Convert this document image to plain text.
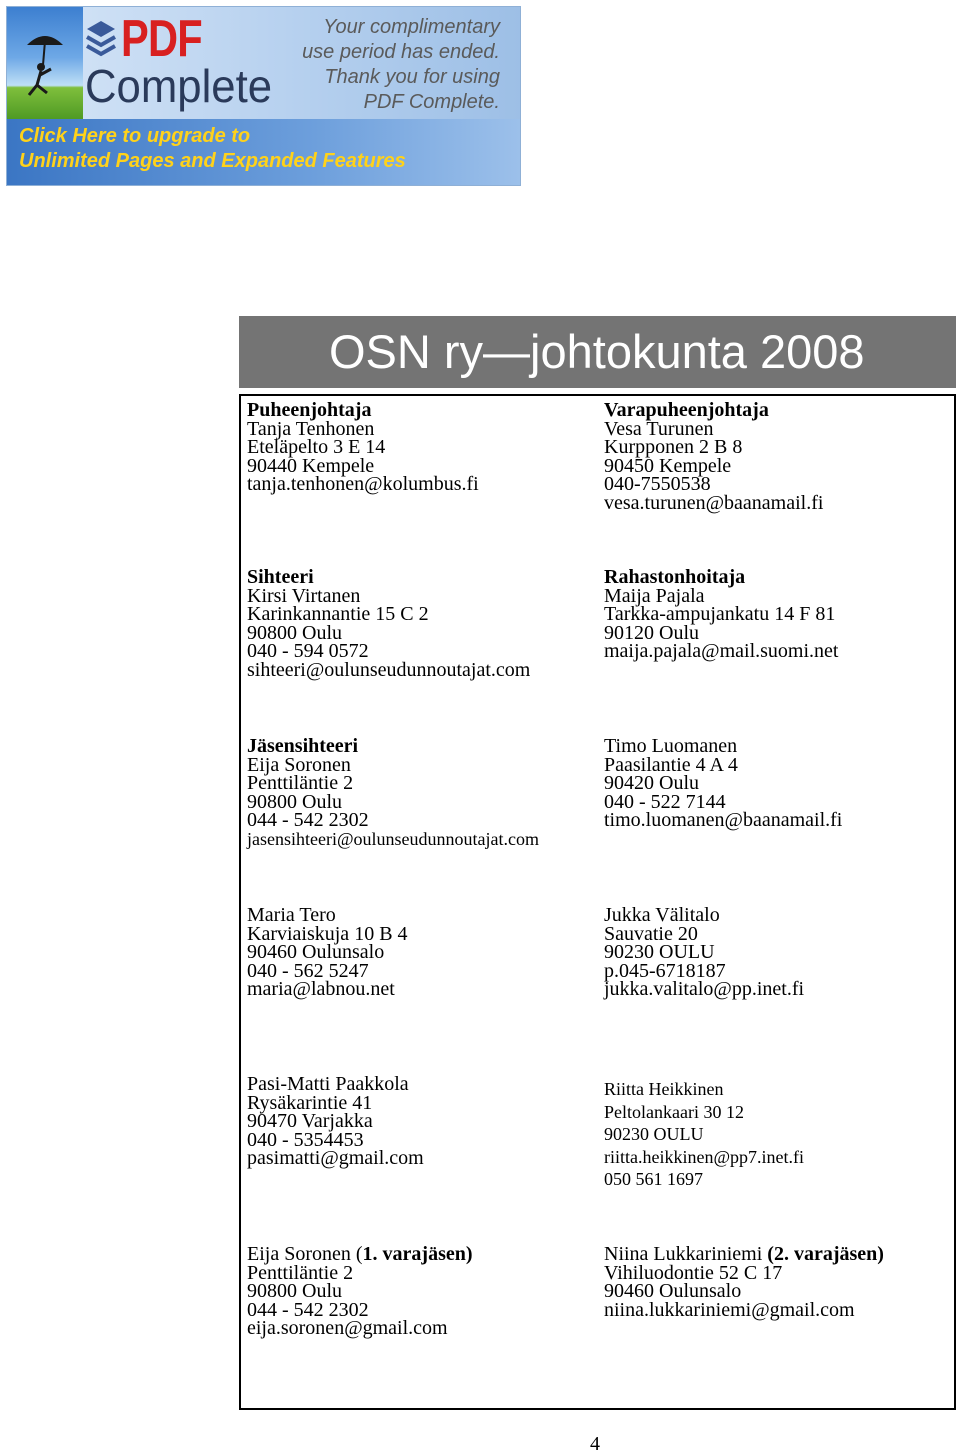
PDF
Complete
Your complimentary
use period has ended.
Thank you for using
PDF Complete.
Click Here to upgrade to
Unlimited Pages and Expanded Features
OSN ry—johtokunta 2008
Puheenjohtaja
Tanja Tenhonen
Eteläpelto 3 E 14
90440 Kempele
tanja.tenhonen@kolumbus.fi
Varapuheenjohtaja
Vesa Turunen
Kurpponen 2 B 8
90450 Kempele
040-7550538
vesa.turunen@baanamail.fi
Sihteeri
Kirsi Virtanen
Karinkannantie 15 C 2
90800 Oulu
040 - 594 0572
sihteeri@oulunseudunnoutajat.com
Rahastonhoitaja
Maija Pajala
Tarkka-ampujankatu 14 F 81
90120 Oulu
maija.pajala@mail.suomi.net
Jäsensihteeri
Eija Soronen
Penttiläntie 2
90800 Oulu
044 - 542 2302
jasensihteeri@oulunseudunnoutajat.com
Timo Luomanen
Paasilantie 4 A 4
90420 Oulu
040 - 522 7144
timo.luomanen@baanamail.fi
Maria Tero
Karviaiskuja 10 B 4
90460 Oulunsalo
040 - 562 5247
maria@labnou.net
Jukka Välitalo
Sauvatie 20
90230 OULU
p.045-6718187
jukka.valitalo@pp.inet.fi
Pasi-Matti Paakkola
Rysäkarintie 41
90470 Varjakka
040 - 5354453
pasimatti@gmail.com
Riitta Heikkinen
Peltolankaari 30 12
90230 OULU
riitta.heikkinen@pp7.inet.fi
050 561 1697
Eija Soronen (1. varajäsen)
Penttiläntie 2
90800 Oulu
044 - 542 2302
eija.soronen@gmail.com
Niina Lukkariniemi (2. varajäsen)
Vihiluodontie 52 C 17
90460 Oulunsalo
niina.lukkariniemi@gmail.com
4
